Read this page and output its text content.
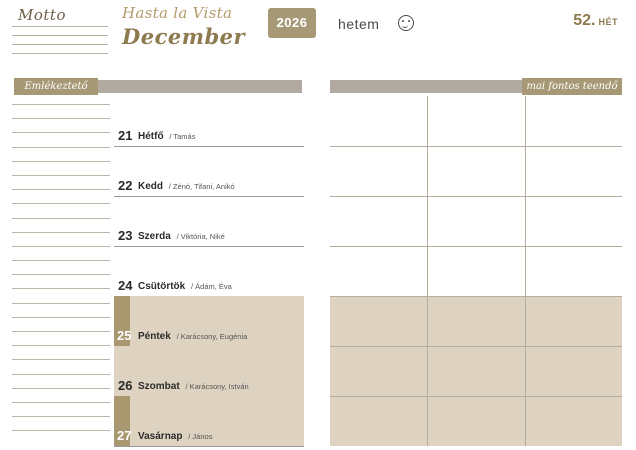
Motto	Hasta la Vista
December
2026	hetem	52. HÉT
Emlékeztető	mai fontos teendő
21 Hétfő / Tamás
22 Kedd / Zénó, Tifani, Anikó
23 Szerda / Viktória, Niké
24 Csütörtök / Ádám, Éva
25 Péntek / Karácsony, Eugénia
26 Szombat / Karácsony, István
27 Vasárnap / János
